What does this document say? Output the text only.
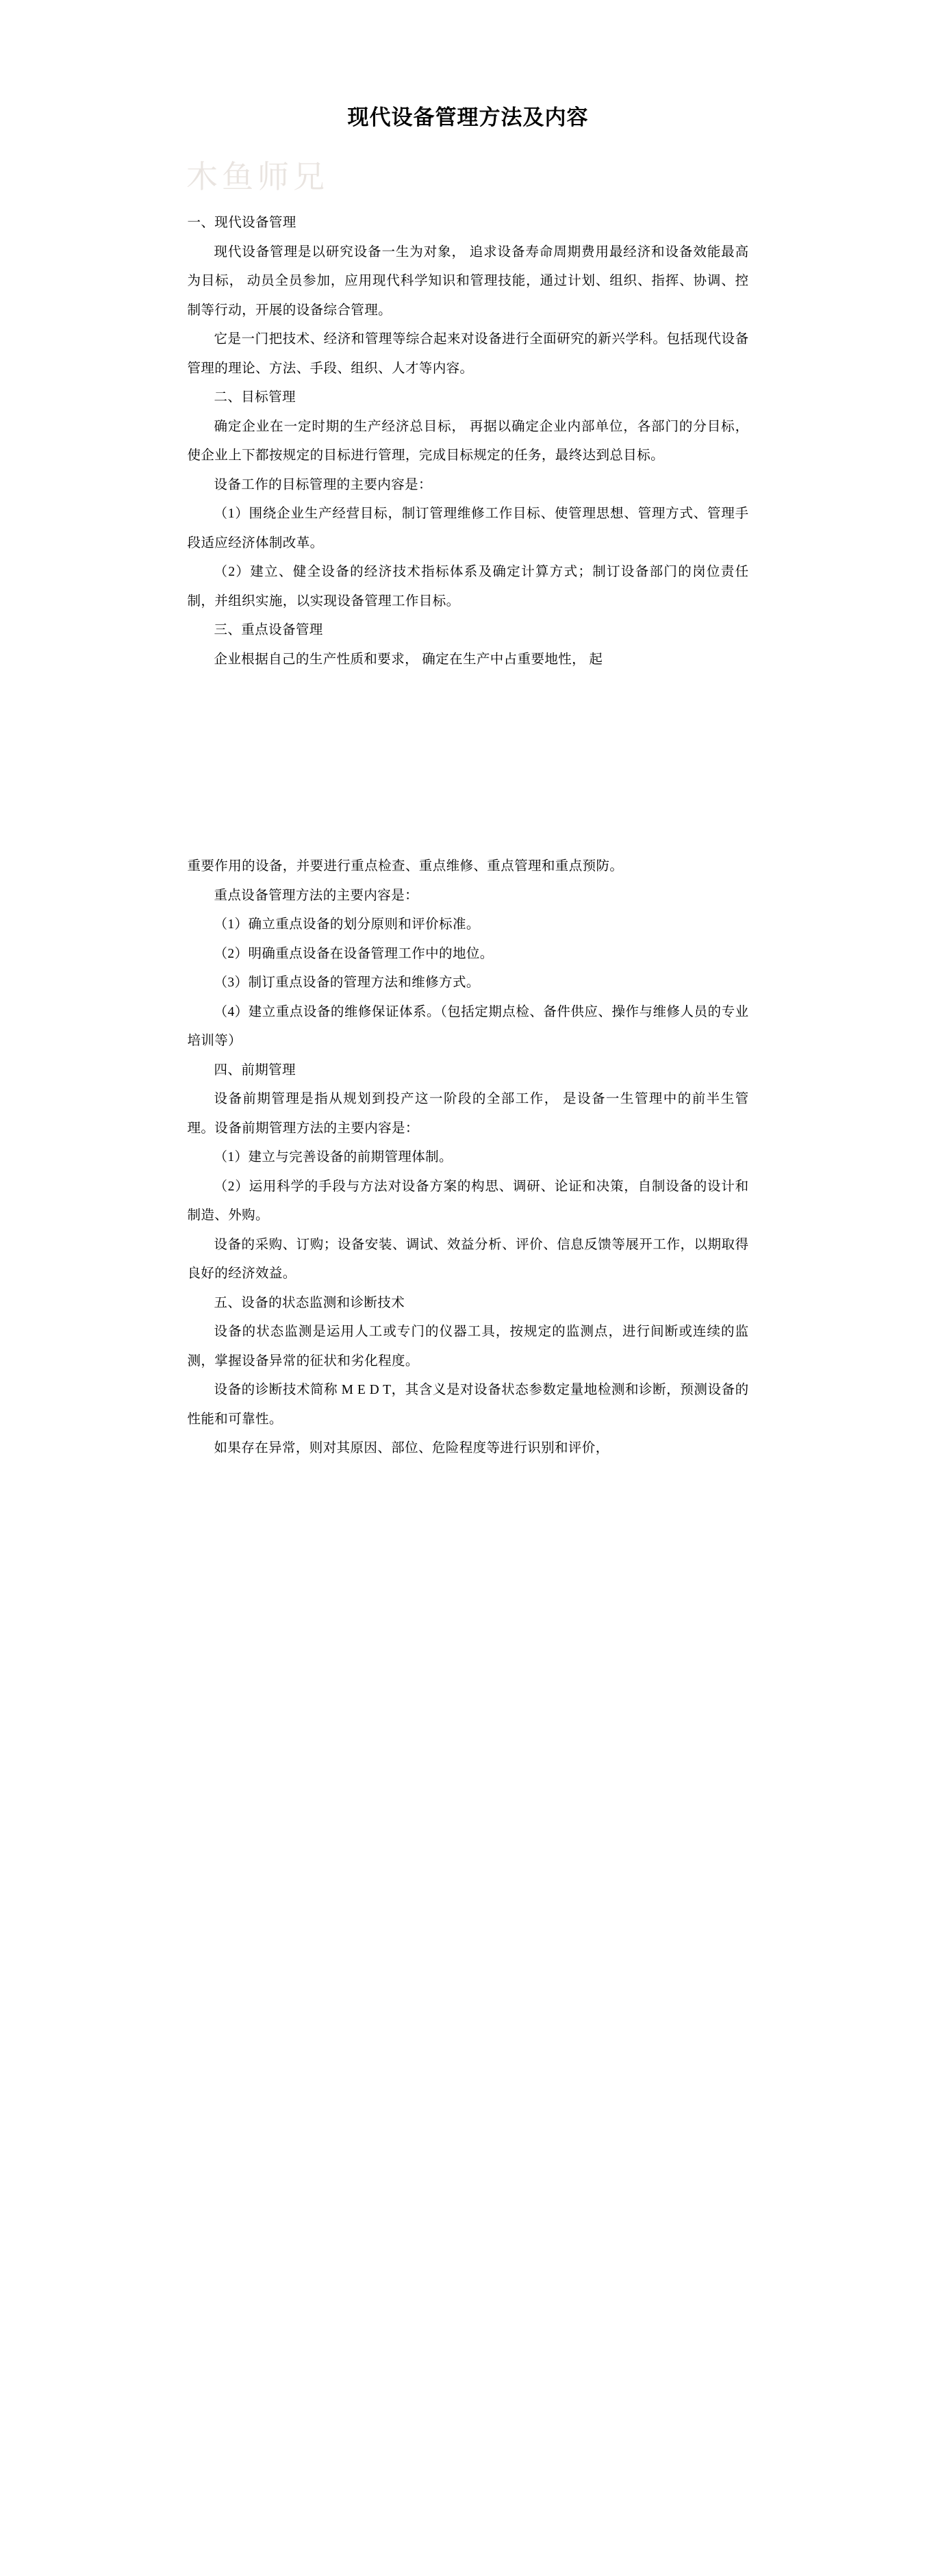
现代设备管理方法及内容

一、现代设备管理

现代设备管理是以研究设备一生为对象， 追求设备寿命周期费用最经济和设备效能最高为目标， 动员全员参加，应用现代科学知识和管理技能，通过计划、组织、指挥、协调、控制等行动，开展的设备综合管理。

它是一门把技术、经济和管理等综合起来对设备进行全面研究的新兴学科。包括现代设备管理的理论、方法、手段、组织、人才等内容。

二、目标管理

确定企业在一定时期的生产经济总目标， 再据以确定企业内部单位，各部门的分目标，使企业上下都按规定的目标进行管理，完成目标规定的任务，最终达到总目标。

设备工作的目标管理的主要内容是：

（1）围绕企业生产经营目标，制订管理维修工作目标、使管理思想、管理方式、管理手段适应经济体制改革。

（2）建立、健全设备的经济技术指标体系及确定计算方式；制订设备部门的岗位责任制，并组织实施，以实现设备管理工作目标。

三、重点设备管理

企业根据自己的生产性质和要求， 确定在生产中占重要地性， 起

重要作用的设备，并要进行重点检查、重点维修、重点管理和重点预防。

重点设备管理方法的主要内容是：

（1）确立重点设备的划分原则和评价标准。

（2）明确重点设备在设备管理工作中的地位。

（3）制订重点设备的管理方法和维修方式。

（4）建立重点设备的维修保证体系。（包括定期点检、备件供应、操作与维修人员的专业培训等）

四、前期管理

设备前期管理是指从规划到投产这一阶段的全部工作， 是设备一生管理中的前半生管理。设备前期管理方法的主要内容是：

（1）建立与完善设备的前期管理体制。

（2）运用科学的手段与方法对设备方案的构思、调研、论证和决策，自制设备的设计和制造、外购。

设备的采购、订购；设备安装、调试、效益分析、评价、信息反馈等展开工作，以期取得良好的经济效益。

五、设备的状态监测和诊断技术

设备的状态监测是运用人工或专门的仪器工具，按规定的监测点，进行间断或连续的监测，掌握设备异常的征状和劣化程度。

设备的诊断技术简称 M E D T，其含义是对设备状态参数定量地检测和诊断，预测设备的性能和可靠性。

如果存在异常，则对其原因、部位、危险程度等进行识别和评价，

木鱼师兄
